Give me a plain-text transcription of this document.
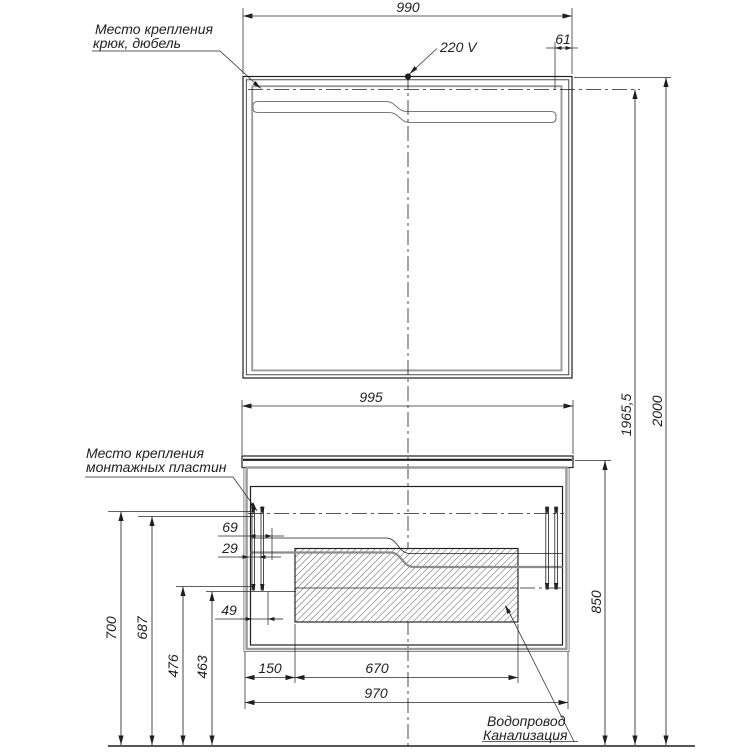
990
61
995	2000
1965,5
850
700 687
476 463
69
29
49
150	670
970
Место крепления
крюк, дюбель	220 V
Место крепления
монтажных пластин
Водопровод
Канализация
